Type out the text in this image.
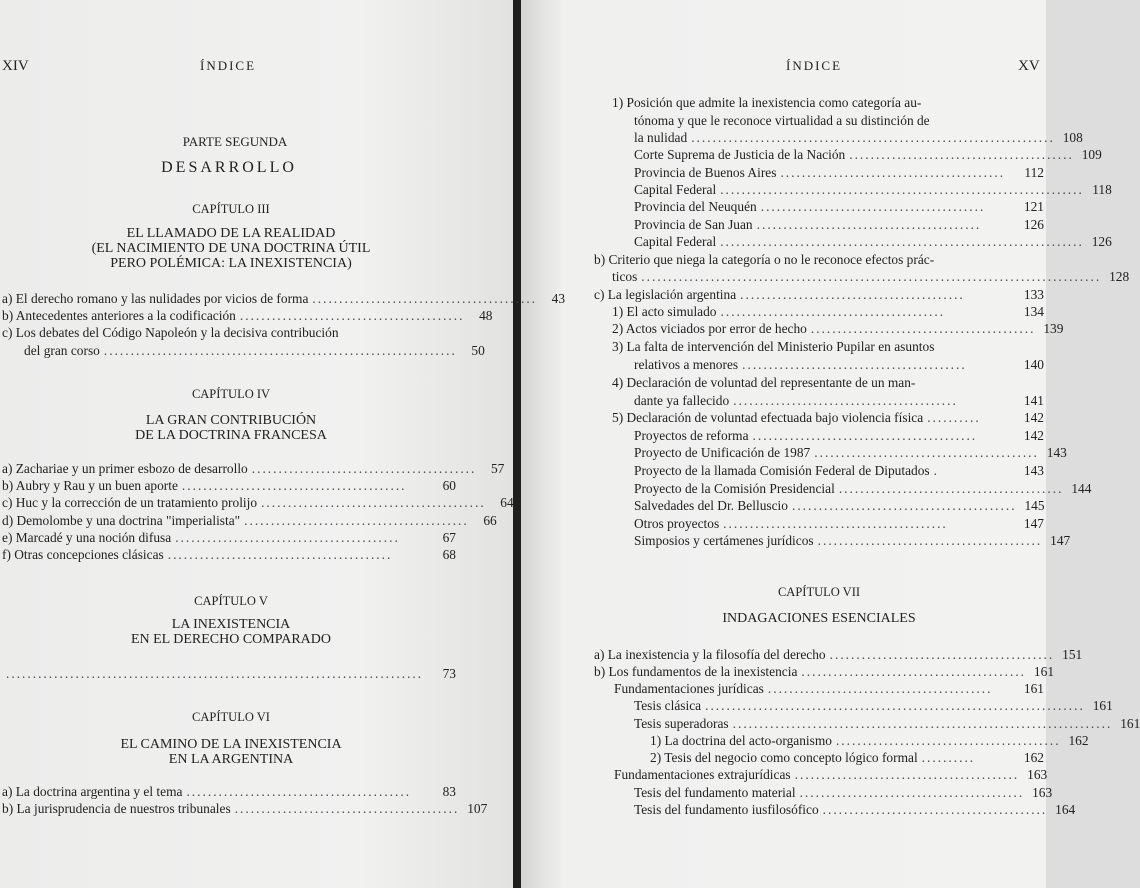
XIV	ÍNDICE
PARTE SEGUNDA
DESARROLLO
CAPÍTULO III
EL LLAMADO DE LA REALIDAD
(EL NACIMIENTO DE UNA DOCTRINA ÚTIL
PERO POLÉMICA: LA INEXISTENCIA)
a) El derecho romano y las nulidades por vicios de forma ..........................................	43
b) Antecedentes anteriores a la codificación ..........................................	48
c) Los debates del Código Napoleón y la decisiva contribución
del gran corso ..................................................................	50
CAPÍTULO IV
LA GRAN CONTRIBUCIÓN
DE LA DOCTRINA FRANCESA
a) Zachariae y un primer esbozo de desarrollo ..........................................	57
b) Aubry y Rau y un buen aporte ..........................................	60
c) Huc y la corrección de un tratamiento prolijo ..........................................	64
d) Demolombe y una doctrina "imperialista" ..........................................	66
e) Marcadé y una noción difusa ..........................................	67
f) Otras concepciones clásicas ..........................................	68
CAPÍTULO V
LA INEXISTENCIA
EN EL DERECHO COMPARADO
..............................................................................	73
CAPÍTULO VI
EL CAMINO DE LA INEXISTENCIA
EN LA ARGENTINA
a) La doctrina argentina y el tema ..........................................	83
b) La jurisprudencia de nuestros tribunales .......................................... 107
ÍNDICE	XV
1) Posición que admite la inexistencia como categoría au-
tónoma y que le reconoce virtualidad a su distinción de
la nulidad .................................................................... 108
Corte Suprema de Justicia de la Nación .......................................... 109
Provincia de Buenos Aires ..........................................	112
Capital Federal .................................................................... 118
Provincia del Neuquén ..........................................	121
Provincia de San Juan ..........................................	126
Capital Federal .................................................................... 126
b) Criterio que niega la categoría o no le reconoce efectos prác-
ticos ...................................................................................... 128
c) La legislación argentina ..........................................	133
1) El acto simulado ..........................................	134
2) Actos viciados por error de hecho .......................................... 139
3) La falta de intervención del Ministerio Pupilar en asuntos
relativos a menores ..........................................	140
4) Declaración de voluntad del representante de un man-
dante ya fallecido ..........................................	141
5) Declaración de voluntad efectuada bajo violencia física ..........	142
Proyectos de reforma ..........................................	142
Proyecto de Unificación de 1987 .......................................... 143
Proyecto de la llamada Comisión Federal de Diputados .	143
Proyecto de la Comisión Presidencial .......................................... 144
Salvedades del Dr. Belluscio .......................................... 145
Otros proyectos ..........................................	147
Simposios y certámenes jurídicos .......................................... 147
CAPÍTULO VII
INDAGACIONES ESENCIALES
a) La inexistencia y la filosofía del derecho .......................................... 151
b) Los fundamentos de la inexistencia .......................................... 161
Fundamentaciones jurídicas ..........................................	161
Tesis clásica ....................................................................... 161
Tesis superadoras ....................................................................... 161
1) La doctrina del acto-organismo .......................................... 162
2) Tesis del negocio como concepto lógico formal ..........	162
Fundamentaciones extrajurídicas .......................................... 163
Tesis del fundamento material .......................................... 163
Tesis del fundamento iusfilosófico .......................................... 164
